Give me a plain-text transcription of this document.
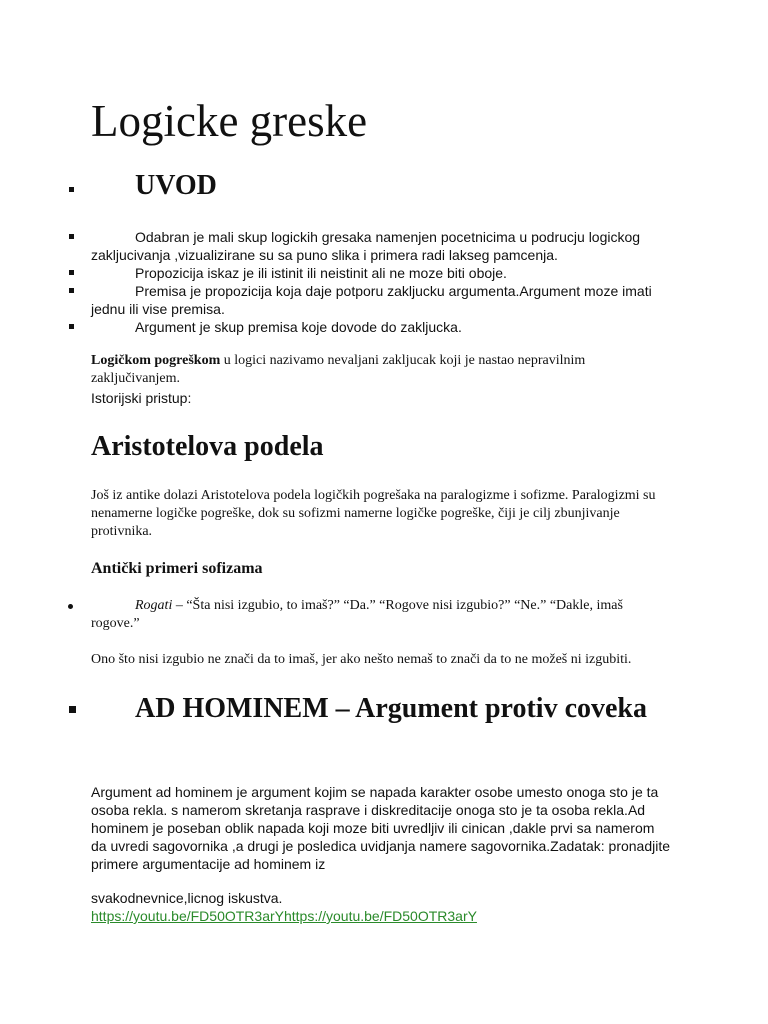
Logicke greske
UVOD
Odabran je mali skup logickih gresaka namenjen pocetnicima u podrucju logickog zakljucivanja ,vizualizirane su sa puno slika i primera radi lakseg pamcenja.
Propozicija iskaz je ili istinit ili neistinit ali ne moze biti oboje.
Premisa je propozicija koja daje potporu zakljucku argumenta.Argument moze imati jednu ili vise premisa.
Argument je skup premisa koje dovode do zakljucka.
Logičkom pogreškom u logici nazivamo nevaljani zakljucak koji je nastao nepravilnim zaključivanjem.
Istorijski pristup:
Aristotelova podela
Još iz antike dolazi Aristotelova podela logičkih pogrešaka na paralogizme i sofizme. Paralogizmi su nenamerne logičke pogreške, dok su sofizmi namerne logičke pogreške, čiji je cilj zbunjivanje protivnika.
Antički primeri sofizama
Rogati – “Šta nisi izgubio, to imaš?” “Da.” “Rogove nisi izgubio?” “Ne.” “Dakle, imaš rogove.”
Ono što nisi izgubio ne znači da to imaš, jer ako nešto nemaš to znači da to ne možeš ni izgubiti.
AD HOMINEM – Argument protiv coveka
Argument ad hominem je argument kojim se napada karakter osobe umesto onoga sto je ta osoba rekla. s namerom skretanja rasprave i diskreditacije onoga sto je ta osoba rekla.Ad hominem je poseban oblik napada koji moze biti uvredljiv ili cinican ,dakle prvi sa namerom da uvredi sagovornika ,a drugi je posledica uvidjanja namere sagovornika.Zadatak: pronadjite primere argumentacije ad hominem iz
svakodnevnice,licnog iskustva.
https://youtu.be/FD50OTR3arYhttps://youtu.be/FD50OTR3arY
